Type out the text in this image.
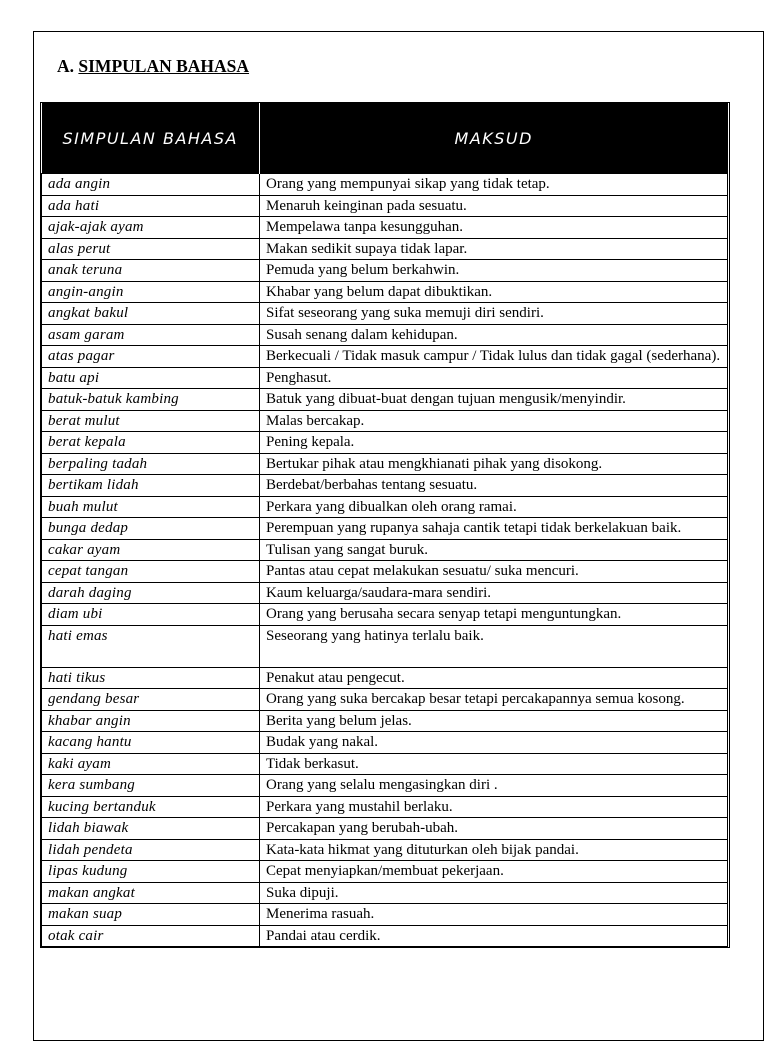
A. SIMPULAN BAHASA
SIMPULAN BAHASA	MAKSUD
ada angin	Orang yang mempunyai sikap yang tidak tetap.
ada hati	Menaruh keinginan pada sesuatu.
ajak-ajak ayam	Mempelawa tanpa kesungguhan.
alas perut	Makan sedikit supaya tidak lapar.
anak teruna	Pemuda yang belum berkahwin.
angin-angin	Khabar yang belum dapat dibuktikan.
angkat bakul	Sifat seseorang yang suka memuji diri sendiri.
asam garam	Susah senang dalam kehidupan.
atas pagar	Berkecuali / Tidak masuk campur / Tidak lulus dan tidak gagal (sederhana).
batu api	Penghasut.
batuk-batuk kambing	Batuk yang dibuat-buat dengan tujuan mengusik/menyindir.
berat mulut	Malas bercakap.
berat kepala	Pening kepala.
berpaling tadah	Bertukar pihak atau mengkhianati pihak yang disokong.
bertikam lidah	Berdebat/berbahas tentang sesuatu.
buah mulut	Perkara yang dibualkan oleh orang ramai.
bunga dedap	Perempuan yang rupanya sahaja cantik tetapi tidak berkelakuan baik.
cakar ayam	Tulisan yang sangat buruk.
cepat tangan	Pantas atau cepat melakukan sesuatu/ suka mencuri.
darah daging	Kaum keluarga/saudara-mara sendiri.
diam ubi	Orang yang berusaha secara senyap tetapi menguntungkan.
hati emas	Seseorang yang hatinya terlalu baik.
hati tikus	Penakut atau pengecut.
gendang besar	Orang yang suka bercakap besar tetapi percakapannya semua kosong.
khabar angin	Berita yang belum jelas.
kacang hantu	Budak yang nakal.
kaki ayam	Tidak berkasut.
kera sumbang	Orang yang selalu mengasingkan diri .
kucing bertanduk	Perkara yang mustahil berlaku.
lidah biawak	Percakapan yang berubah-ubah.
lidah pendeta	Kata-kata hikmat yang dituturkan oleh bijak pandai.
lipas kudung	Cepat menyiapkan/membuat pekerjaan.
makan angkat	Suka dipuji.
makan suap	Menerima rasuah.
otak cair	Pandai atau cerdik.
